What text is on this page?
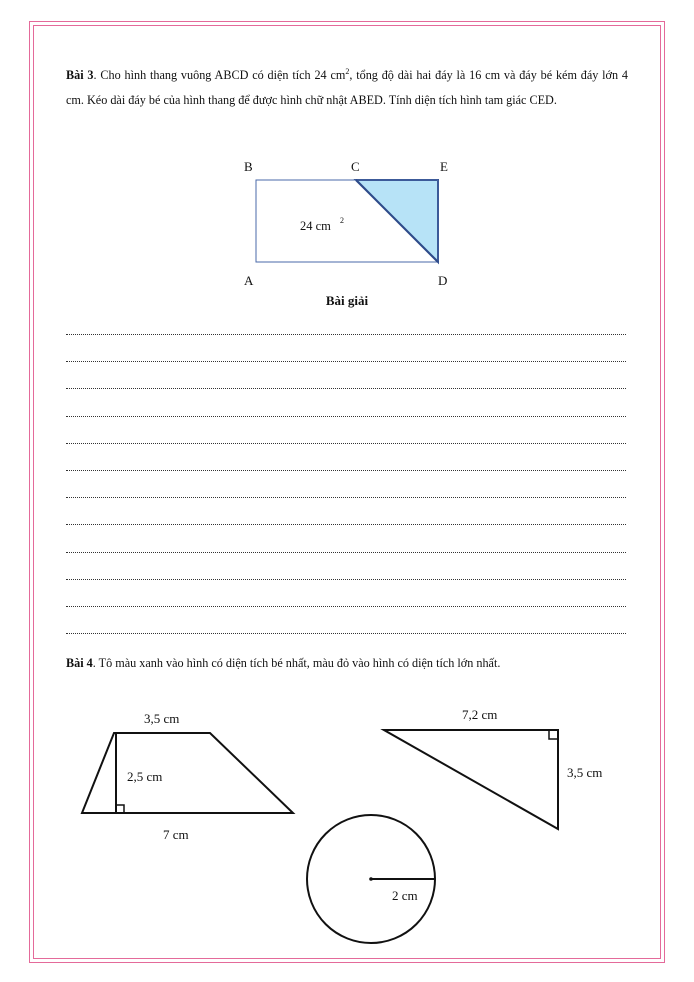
Bài 3. Cho hình thang vuông ABCD có diện tích 24 $cm^2$, tổng độ dài hai đáy là 16 cm và đáy bé kém đáy lớn 4 cm. Kéo dài đáy bé của hình thang để được hình chữ nhật ABED. Tính diện tích hình tam giác CED.
B	C	E
A	D
24 cm 2
3,5 cm
2,5 cm
7 cm
7,2 cm
3,5 cm
2 cm
Bài giải
Bài 4. Tô màu xanh vào hình có diện tích bé nhất, màu đỏ vào hình có diện tích lớn nhất.
